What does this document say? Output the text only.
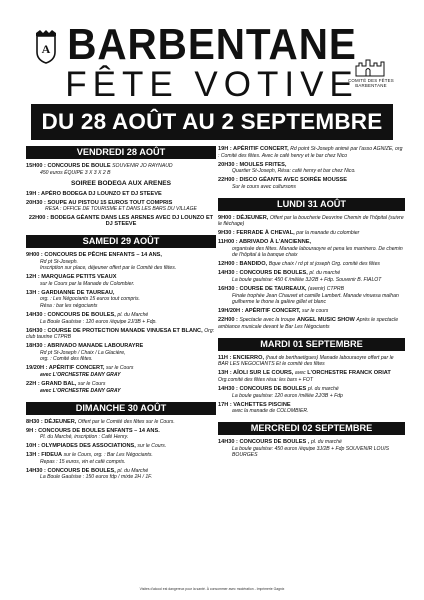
A BARBENTANE
FÊTE VOTIVE
COMITÉ DES FÊTES BARBENTANE
DU 28 AOÛT AU 2 SEPTEMBRE
VENDREDI 28 AOÛT
15H00 : CONCOURS DE BOULE SOUVENIR JO RAYNAUD
450 euros ÉQUIPE 3 X 3 X 2 B
SOIREE BODEGA AUX ARENES
19H : APÉRO BODEGA DJ LOUNZO ET DJ STEEVE
20H30 : SOUPE AU PISTOU 15 EUROS TOUT COMPRIS
RESA : OFFICE DE TOURISME ET DANS LES BARS DU VILLAGE
22H00 : BODEGA GÉANTE DANS LES ARENES AVEC DJ LOUNZO ET DJ STEEVE
SAMEDI 29 AOÛT
9H00 : CONCOURS DE PÊCHE ENFANTS – 14 ANS,
Rd pt St-Joseph.
Inscription sur place, déjeuner offert par le Comité des fêtes.
12H : MARQUAGE PETITS VEAUX
sur le Cours par la Manade du Colombier.
13H : GARDIANNE DE TAUREAU,
org. : Les Négociants 15 euros tout compris.
Résa : bar les négociants
14H30 : CONCOURS DE BOULES, pl. du Marché
La Boule Gaulsise : 120 euros /équipe 2J/3B + Fdp.
16H30 : COURSE DE PROTECTION MANADE VINUESA ET BLANC, Org: club taurine CTPRB
18H30 : ABRIVADO MANADE LABOURAYRE
Rd pt St-Joseph / Chaix / La Glacière,
org. : Comité des fêtes.
19/20H : APÉRITIF CONCERT, sur le Cours
avec L'ORCHESTRE DANY GRAY
22H : GRAND BAL, sur le Cours
avec L'ORCHESTRE DANY GRAY
DIMANCHE 30 AOÛT
8H30 : DÉJEUNER, Offert par le Comité des fêtes sur le Cours.
9H : CONCOURS DE BOULES ENFANTS – 14 ANS.
Pl. du Marché, inscription : Café Henry.
10H : OLYMPIADES DES ASSOCIATIONS, sur le Cours.
13H : FIDEUA sur le Cours, org. : Bar Les Négociants.
Repas : 15 euros, vin et café compris.
14H30 : CONCOURS DE BOULES, pl. du Marché
La Boule Gaulsise : 150 euros fdp / mixte 2H / 1F.
19H : APÉRITIF CONCERT, Rd point St-Joseph animé par l'asso AGNIZE, org : Comité des fêtes. Avec le café henry et le bar chez Nico
20H30 : MOULES FRITES,
Quartier St-Joseph, Résa: café henry et bar chez Nico.
22H00 : DISCO GÉANTE AVEC SOIRÉE MOUSSE
Sur le cours avec cultursons
LUNDI 31 AOÛT
9H00 : DÉJEUNER, Offert par la boucherie Deuvrine Chemin de l'hôpital (suivre le fléchage)
9H30 : FERRADE À CHEVAL, par la manade du colombier
11H00 : ABRIVADO À L'ANCIENNE,
organisée des fêtes. Manade labouraoyre et pena les marrinero. De chemin de l'hôpital à la banque chaix
12H00 : BANDIDO, Bque chaix / rd pt st joseph Org. comité des fêtes
14H30 : CONCOURS DE BOULES, pl. du marché
La boule gaulsise: 450 € /mêlée 3J/2B + Fdp. Souvenir B. FIALOT
16H30 : COURSE DE TAUREAUX, (avenir) CTPRB
Finale trophée Jean Chauvet et camille Lambert. Manade vinuesa malhan guilherme le thone la galère gillet et blanc
19H/20H : APÉRITIF CONCERT, sur le cours
22H00 : Spectacle avec la troupe ANGEL MUSIC SHOW Après le spectacle ambiance musicale devant le Bar Les Négociants
MARDI 01 SEPTEMBRE
11H : ENCIERRO, (haut de berthaetigues) Manade labouraoyre offert par le BAR LES NEGOCIANTS Et le comité des fêtes
13H : AÏOLI SUR LE COURS, avec L'ORCHESTRE FRANCK ORIAT Org.comité des fêtes résa: les bars + FOT
14H30 : CONCOURS DE BOULES pl. du marché
La boule gaulsise: 120 euros /mêlée 2J/3B + Fdp
17H : VACHETTES PISCINE
avec la manade de COLOMBIER.
MERCREDI 02 SEPTEMBRE
14H30 : CONCOURS DE BOULES , pl. du marché
La boule gaulsise: 450 euros /équipe 3J/2B + Fdp SOUVENIR LOUIS BOURGES
Visites d'alcool est dangereux pour la santé. À consommer avec modération - Imprimerie Gagnix
